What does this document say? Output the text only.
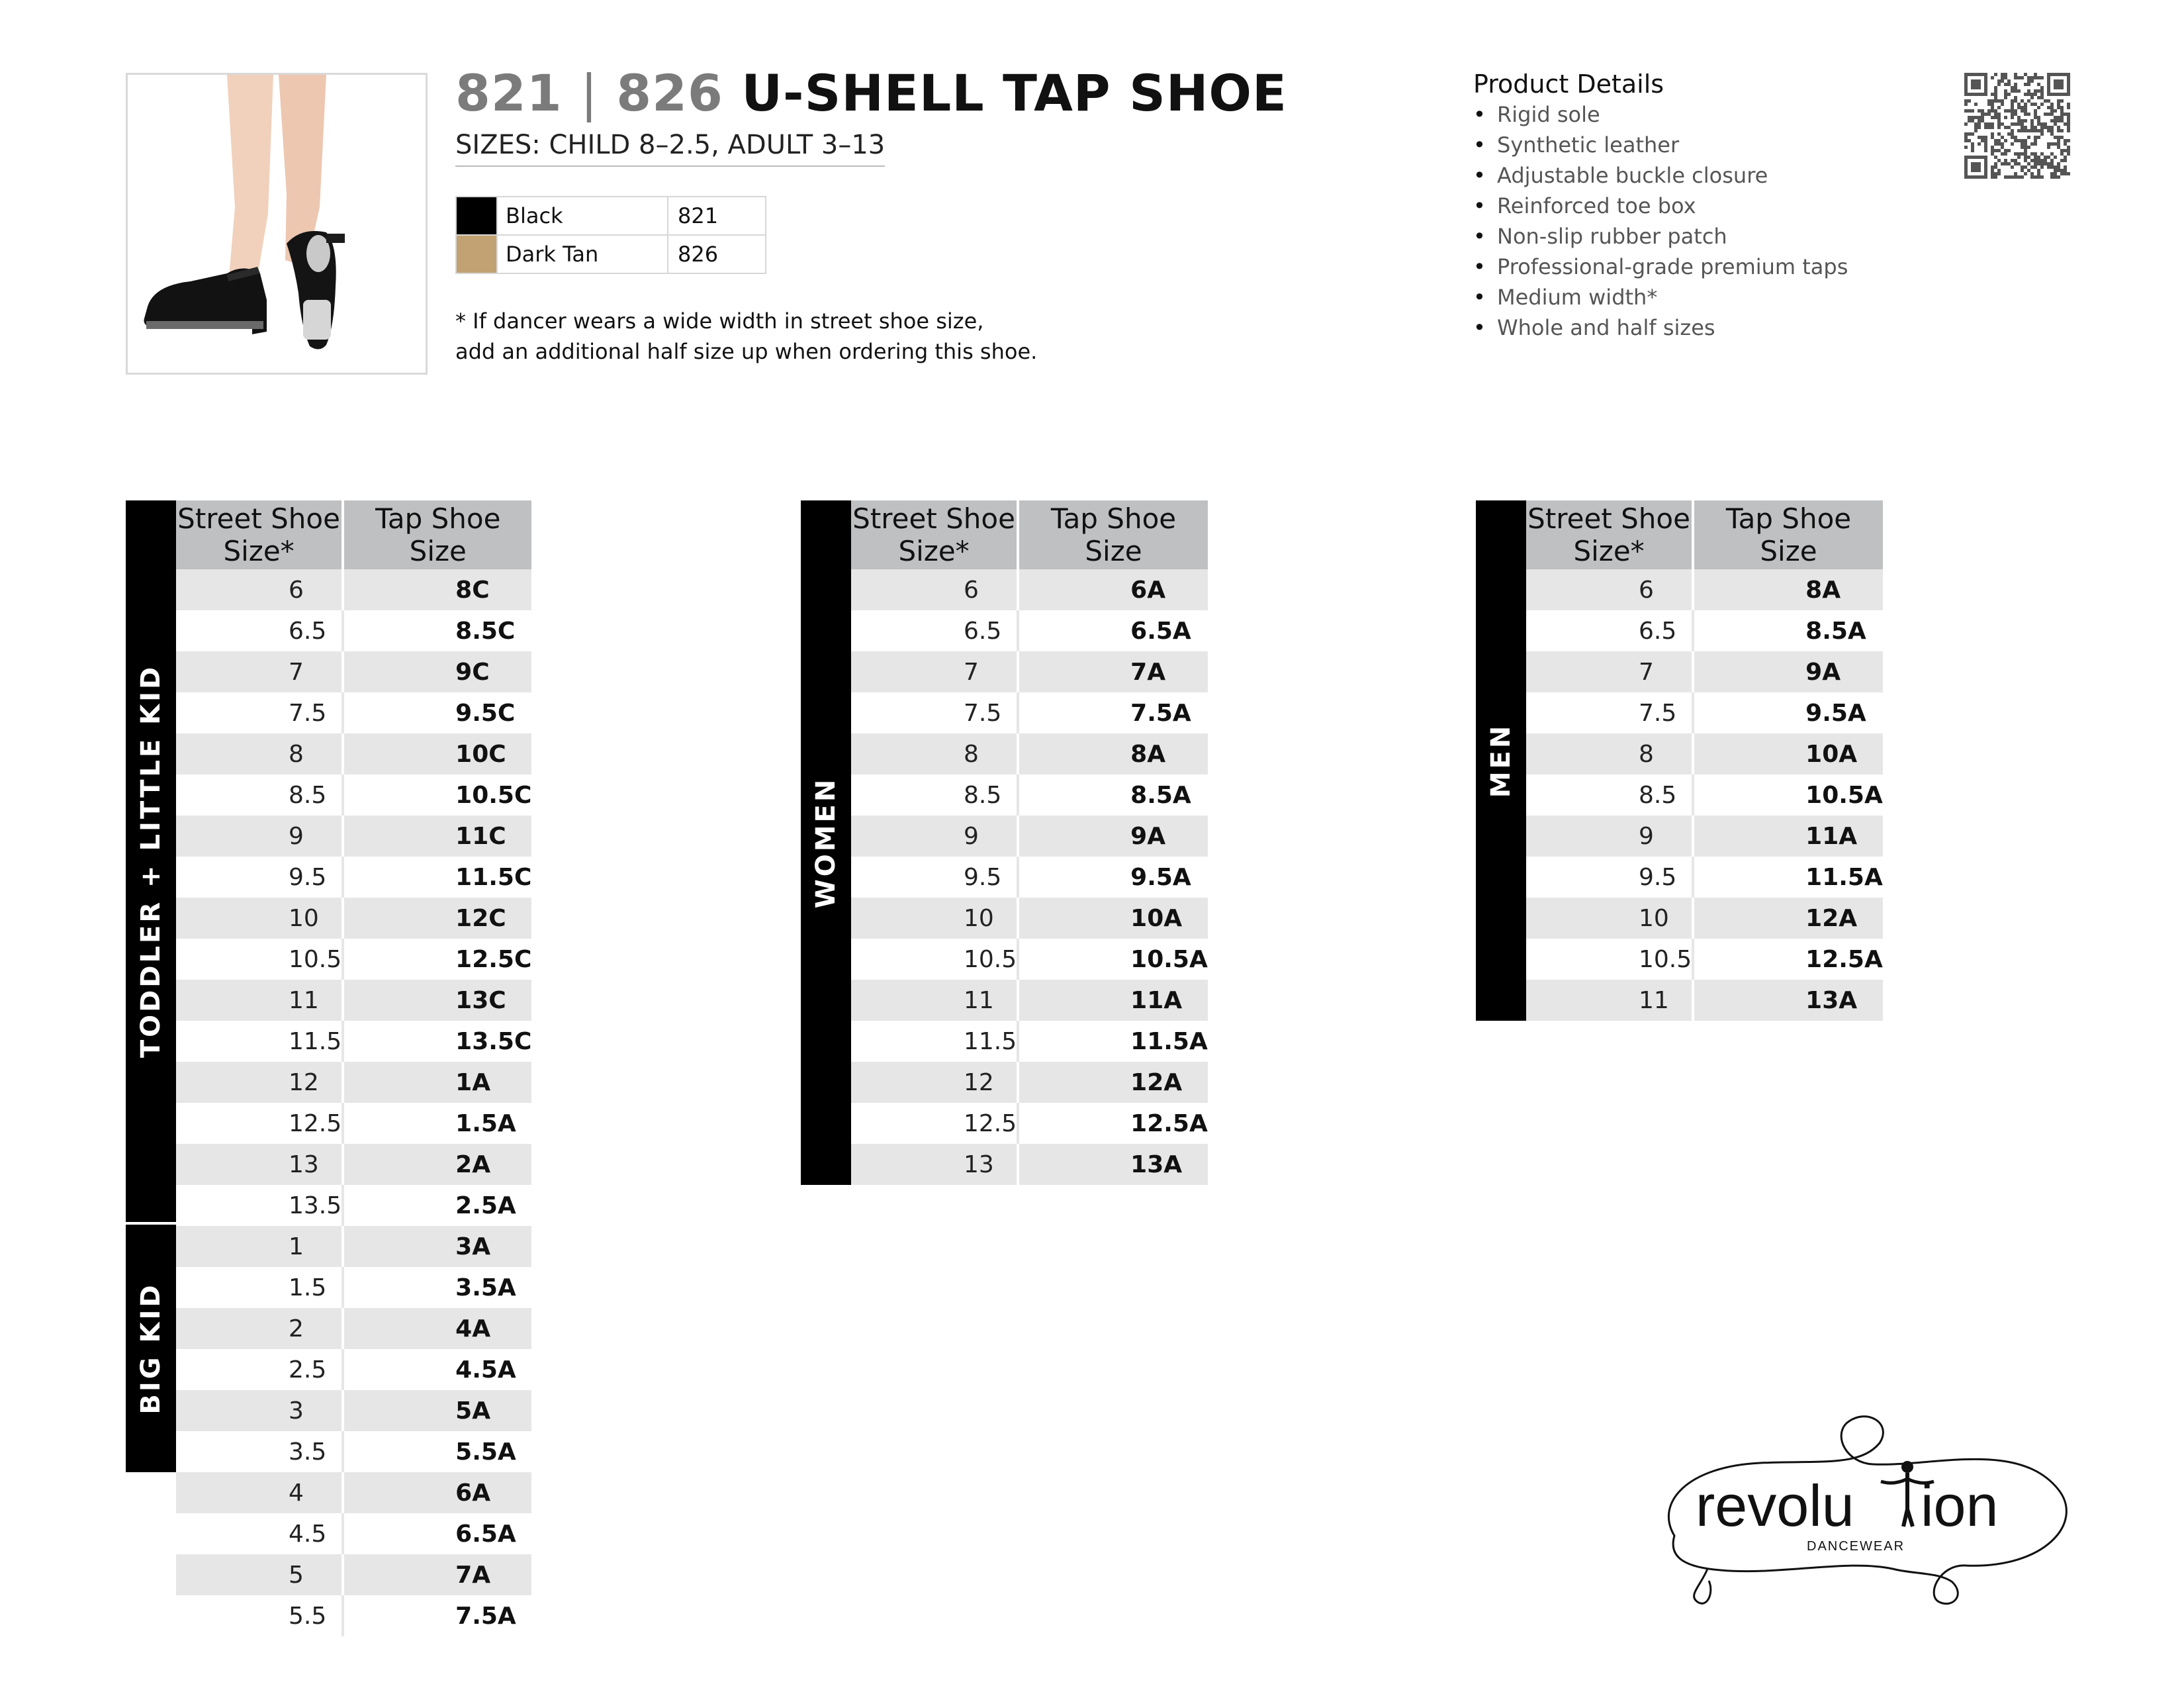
821 | 826 U-SHELL TAP SHOE
SIZES: CHILD 8–2.5, ADULT 3–13
	Black	821
	Dark Tan	826
* If dancer wears a wide width in street shoe size,
add an additional half size up when ordering this shoe.
Product Details
• Rigid sole
• Synthetic leather
• Adjustable buckle closure
• Reinforced toe box
• Non-slip rubber patch
• Professional-grade premium taps
• Medium width*
• Whole and half sizes
TODDLER + LITTLE KID
BIG KID
Street Shoe Size*	Tap Shoe Size
6	8C
6.5	8.5C
7	9C
7.5	9.5C
8	10C
8.5	10.5C
9	11C
9.5	11.5C
10	12C
10.5	12.5C
11	13C
11.5	13.5C
12	1A
12.5	1.5A
13	2A
13.5	2.5A
1	3A
1.5	3.5A
2	4A
2.5	4.5A
3	5A
3.5	5.5A
4	6A
4.5	6.5A
5	7A
5.5	7.5A
WOMEN
Street Shoe Size*	Tap Shoe Size
6	6A
6.5	6.5A
7	7A
7.5	7.5A
8	8A
8.5	8.5A
9	9A
9.5	9.5A
10	10A
10.5	10.5A
11	11A
11.5	11.5A
12	12A
12.5	12.5A
13	13A
MEN
Street Shoe Size*	Tap Shoe Size
6	8A
6.5	8.5A
7	9A
7.5	9.5A
8	10A
8.5	10.5A
9	11A
9.5	11.5A
10	12A
10.5	12.5A
11	13A
revolu ion
DANCEWEAR
